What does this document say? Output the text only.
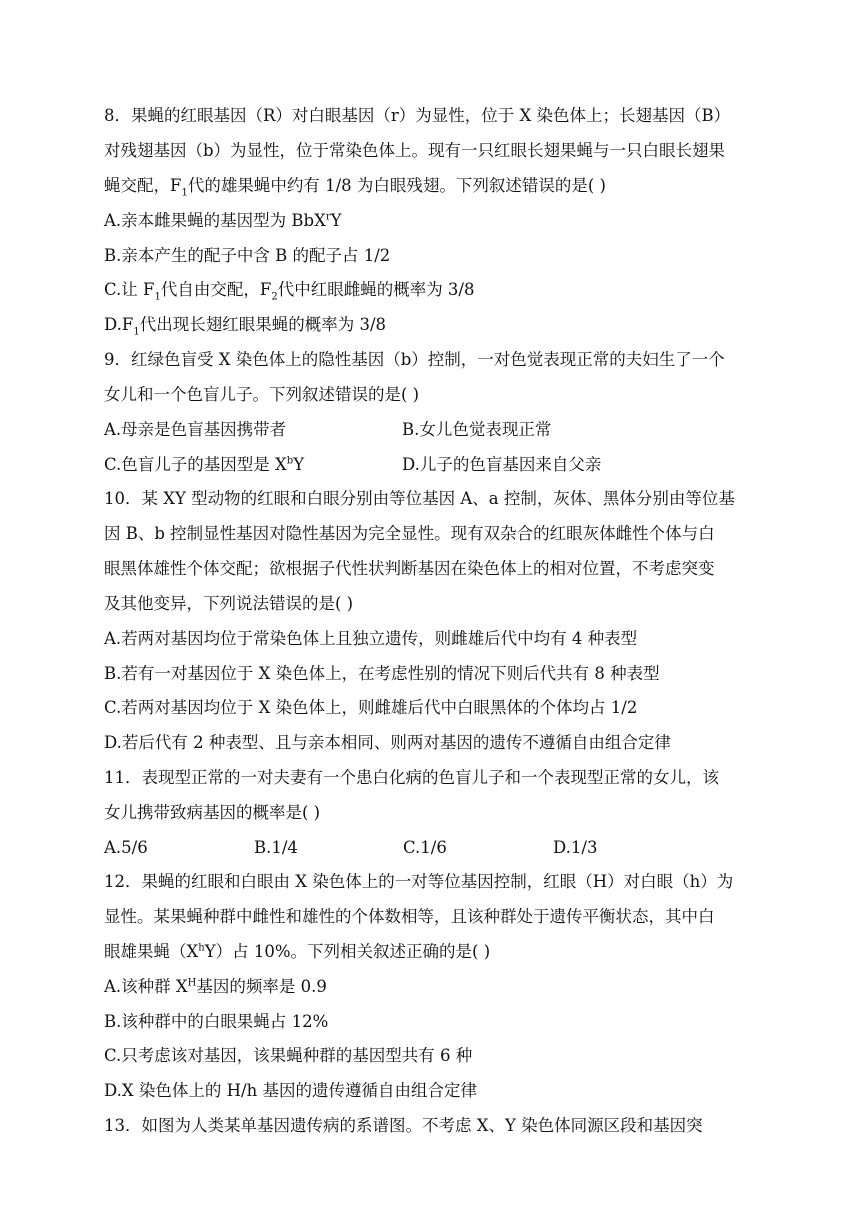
8．果蝇的红眼基因（R）对白眼基因（r）为显性，位于 X 染色体上；长翅基因（B）
对残翅基因（b）为显性，位于常染色体上。现有一只红眼长翅果蝇与一只白眼长翅果
蝇交配，$F_1$代的雄果蝇中约有 1/8 为白眼残翅。下列叙述错误的是( )
A.亲本雌果蝇的基因型为 BbX$^r$Y
B.亲本产生的配子中含 B 的配子占 1/2
C.让 $F_1$代自由交配，$F_2$代中红眼雌蝇的概率为 3/8
$D.F_1$代出现长翅红眼果蝇的概率为 3/8
9．红绿色盲受 X 染色体上的隐性基因（b）控制，一对色觉表现正常的夫妇生了一个
女儿和一个色盲儿子。下列叙述错误的是( )
A.母亲是色盲基因携带者	B.女儿色觉表现正常
C.色盲儿子的基因型是 $X^bY$	D.儿子的色盲基因来自父亲
10．某 XY 型动物的红眼和白眼分别由等位基因 A、a 控制，灰体、黑体分别由等位基
因 B、b 控制显性基因对隐性基因为完全显性。现有双杂合的红眼灰体雌性个体与白
眼黑体雄性个体交配；欲根据子代性状判断基因在染色体上的相对位置，不考虑突变
及其他变异，下列说法错误的是( )
A.若两对基因均位于常染色体上且独立遗传，则雌雄后代中均有 4 种表型
B.若有一对基因位于 X 染色体上，在考虑性别的情况下则后代共有 8 种表型
C.若两对基因均位于 X 染色体上，则雌雄后代中白眼黑体的个体均占 1/2
D.若后代有 2 种表型、且与亲本相同、则两对基因的遗传不遵循自由组合定律
11．表现型正常的一对夫妻有一个患白化病的色盲儿子和一个表现型正常的女儿，该
女儿携带致病基因的概率是( )
A.5/6	B.1/4	C.1/6	D.1/3
12．果蝇的红眼和白眼由 X 染色体上的一对等位基因控制，红眼（H）对白眼（h）为
显性。某果蝇种群中雌性和雄性的个体数相等，且该种群处于遗传平衡状态，其中白
眼雄果蝇$(X^hY)$占 10%。下列相关叙述正确的是( )
A.该种群 $X^H$基因的频率是 0.9
B.该种群中的白眼果蝇占 12%
C.只考虑该对基因，该果蝇种群的基因型共有 6 种
D.X 染色体上的 H/h 基因的遗传遵循自由组合定律
13．如图为人类某单基因遗传病的系谱图。不考虑 X、Y 染色体同源区段和基因突
